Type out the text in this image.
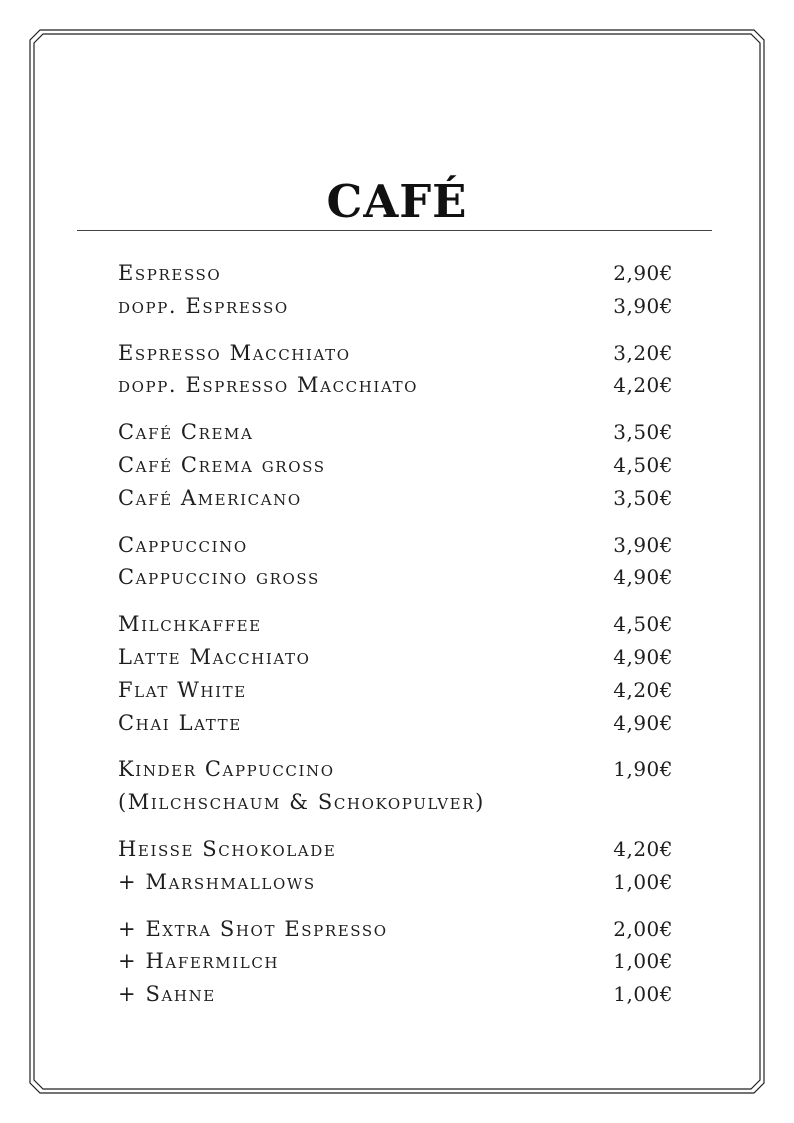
CAFÉ
Espresso	2,90€
dopp. Espresso	3,90€
Espresso Macchiato	3,20€
dopp. Espresso Macchiato	4,20€
Café Crema	3,50€
Café Crema gross	4,50€
Café Americano	3,50€
Cappuccino	3,90€
Cappuccino gross	4,90€
Milchkaffee	4,50€
Latte Macchiato	4,90€
Flat White	4,20€
Chai Latte	4,90€
Kinder Cappuccino	1,90€
(Milchschaum & Schokopulver)
Heisse Schokolade	4,20€
+ Marshmallows	1,00€
+ Extra Shot Espresso	2,00€
+ Hafermilch	1,00€
+ Sahne	1,00€
